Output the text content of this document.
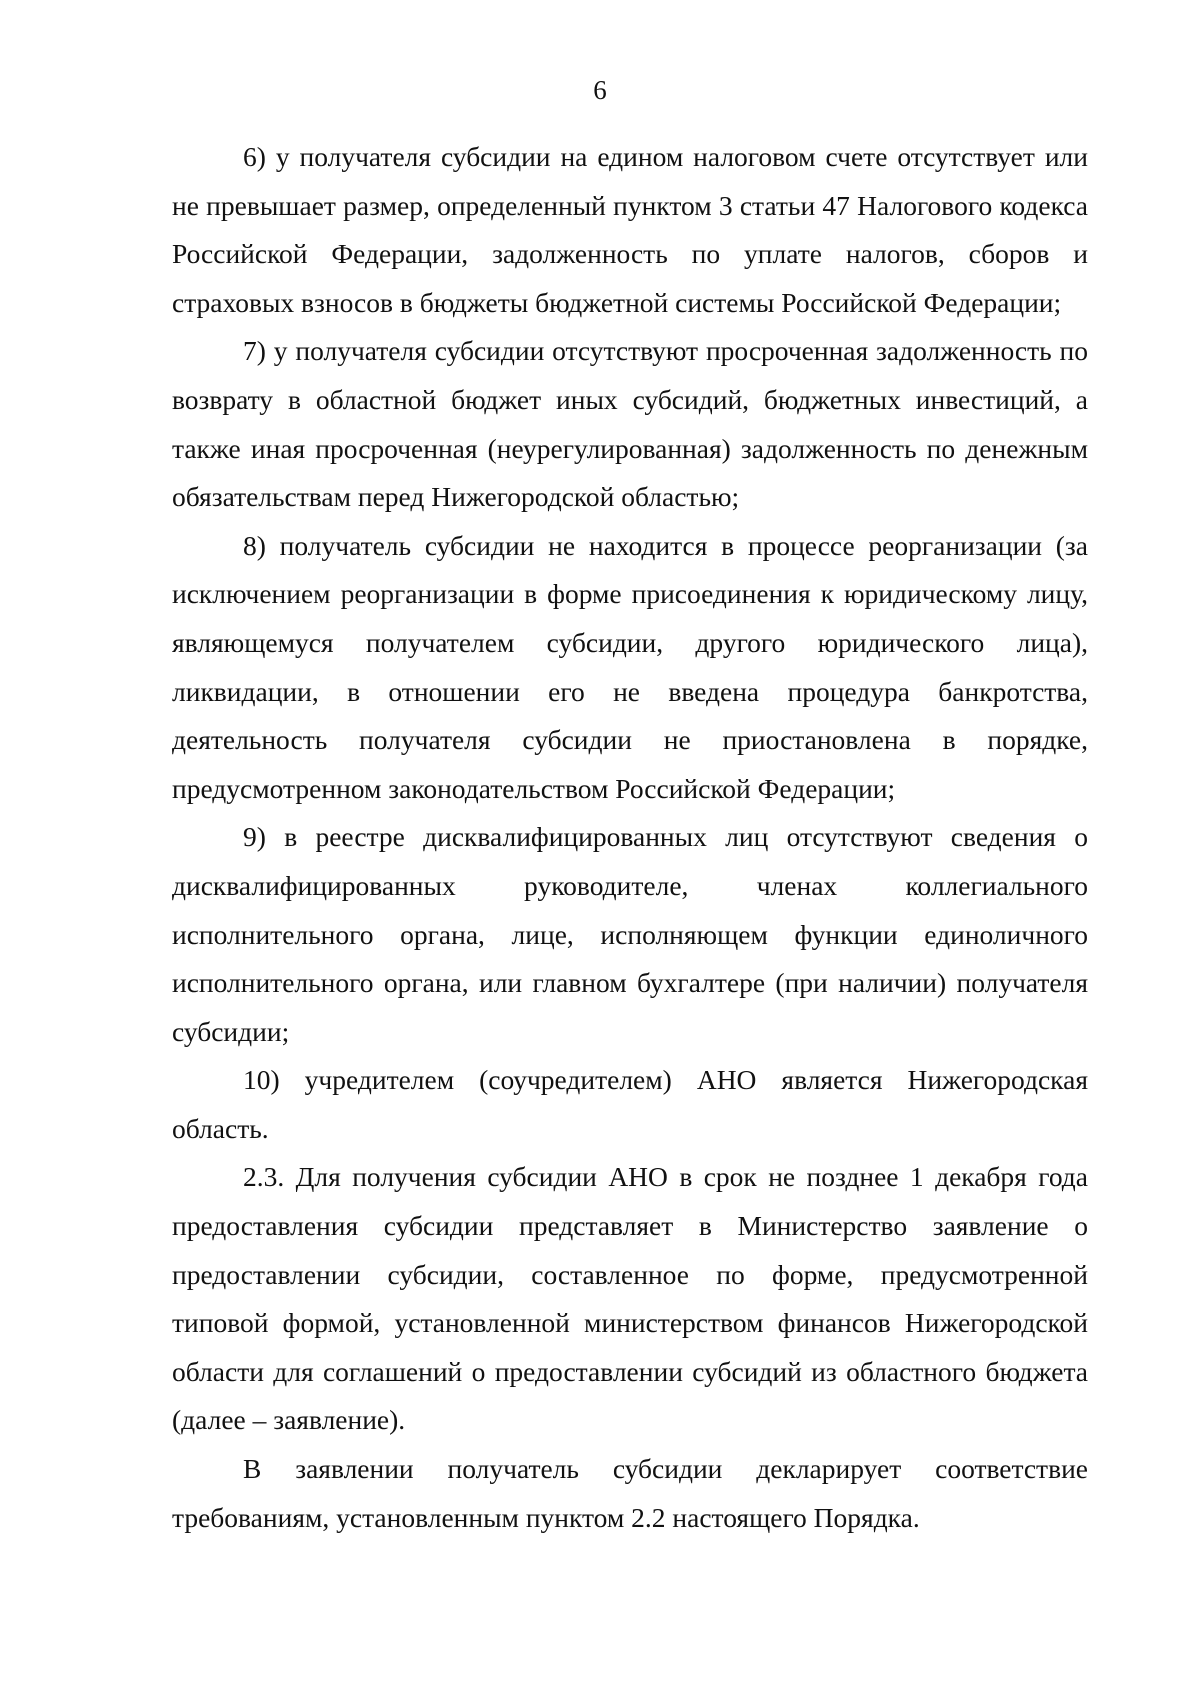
6

6) у получателя субсидии на едином налоговом счете отсутствует или не превышает размер, определенный пунктом 3 статьи 47 Налогового кодекса Российской Федерации, задолженность по уплате налогов, сборов и страховых взносов в бюджеты бюджетной системы Российской Федерации;

7) у получателя субсидии отсутствуют просроченная задолженность по возврату в областной бюджет иных субсидий, бюджетных инвестиций, а также иная просроченная (неурегулированная) задолженность по денежным обязательствам перед Нижегородской областью;

8) получатель субсидии не находится в процессе реорганизации (за исключением реорганизации в форме присоединения к юридическому лицу, являющемуся получателем субсидии, другого юридического лица), ликвидации, в отношении его не введена процедура банкротства, деятельность получателя субсидии не приостановлена в порядке, предусмотренном законодательством Российской Федерации;

9) в реестре дисквалифицированных лиц отсутствуют сведения о дисквалифицированных руководителе, членах коллегиального исполнительного органа, лице, исполняющем функции единоличного исполнительного органа, или главном бухгалтере (при наличии) получателя субсидии;

10) учредителем (соучредителем) АНО является Нижегородская область.

2.3. Для получения субсидии АНО в срок не позднее 1 декабря года предоставления субсидии представляет в Министерство заявление о предоставлении субсидии, составленное по форме, предусмотренной типовой формой, установленной министерством финансов Нижегородской области для соглашений о предоставлении субсидий из областного бюджета (далее – заявление).

В заявлении получатель субсидии декларирует соответствие требованиям, установленным пунктом 2.2 настоящего Порядка.
